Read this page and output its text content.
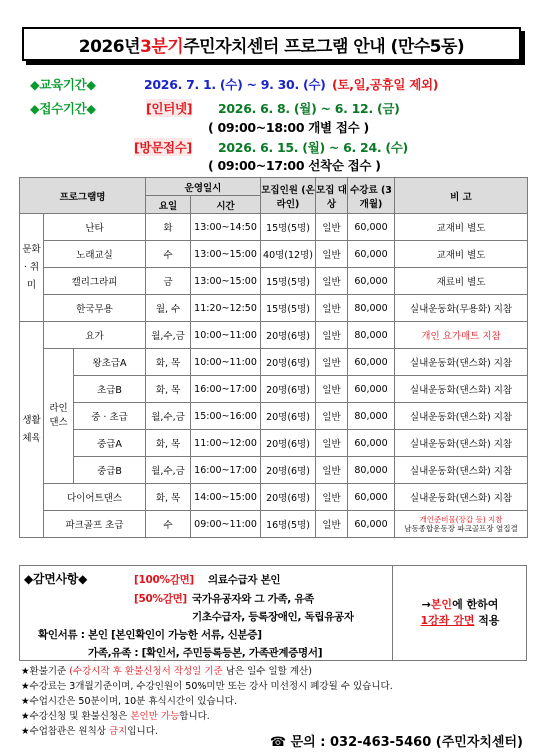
2026년 3분기 주민자치센터 프로그램 안내 (만수5동)
◆교육기간◆	2026. 7. 1. (수) ~ 9. 30. (수) (토,일,공휴일 제외)
◆접수기간◆	[인터넷] 2026. 6. 8. (월) ~ 6. 12. (금)
( 09:00~18:00 개별 접수 )
[방문접수] 2026. 6. 15. (월) ~ 6. 24. (수)
( 09:00~17:00 선착순 접수 )
프로그램명			운영일시		모집인원 (온라인)	모집 대상	수강료 (3개월)	비 고
			요일	시간				
문화 · 취미	난타		화	13:00~14:50	15명(5명)	일반	60,000	교재비 별도
	노래교실		수	13:00~15:00	40명(12명)	일반	60,000	교재비 별도
	캘리그라피		금	13:00~15:00	15명(5명)	일반	60,000	재료비 별도
	한국무용		월, 수	11:20~12:50	15명(5명)	일반	80,000	실내운동화(무용화) 지참
생활 체육	요가		월,수,금	10:00~11:00	20명(6명)	일반	80,000	개인 요가매트 지참
	라인 댄스	왕초급A	화, 목	10:00~11:00	20명(6명)	일반	60,000	실내운동화(댄스화) 지참
		초급B	화, 목	16:00~17:00	20명(6명)	일반	60,000	실내운동화(댄스화) 지참
		중 · 초급	월,수,금	15:00~16:00	20명(6명)	일반	80,000	실내운동화(댄스화) 지참
		중급A	화, 목	11:00~12:00	20명(6명)	일반	60,000	실내운동화(댄스화) 지참
		중급B	월,수,금	16:00~17:00	20명(6명)	일반	80,000	실내운동화(댄스화) 지참
	다이어트댄스		화, 목	14:00~15:00	20명(6명)	일반	60,000	실내운동화(댄스화) 지참
	파크골프 초급		수	09:00~11:00	16명(5명)	일반	60,000	개인준비물(장갑 등) 지참
남동종합운동장 파크골프장 옆집결
◆감면사항◆	[100%감면] 의료수급자 본인
[50%감면] 국가유공자와 그 가족, 유족
기초수급자, 등록장애인, 독립유공자
확인서류 : 본인 [본인확인이 가능한 서류, 신분증]
가족,유족 : [확인서, 주민등록등본, 가족관계증명서]
→본인에 한하여
1강좌 감면 적용
★환불기준 (수강시작 후 환불신청서 작성일 기준 남은 일수 일할 계산)
★수강료는 3개월기준이며, 수강인원이 50%미만 또는 강사 미선정시 폐강될 수 있습니다.
★수업시간은 50분이며, 10분 휴식시간이 있습니다.
★수강신청 및 환불신청은 본인만 가능합니다.
★수업참관은 원칙상 금지입니다.
☎ 문의 : 032-463-5460 (주민자치센터)
